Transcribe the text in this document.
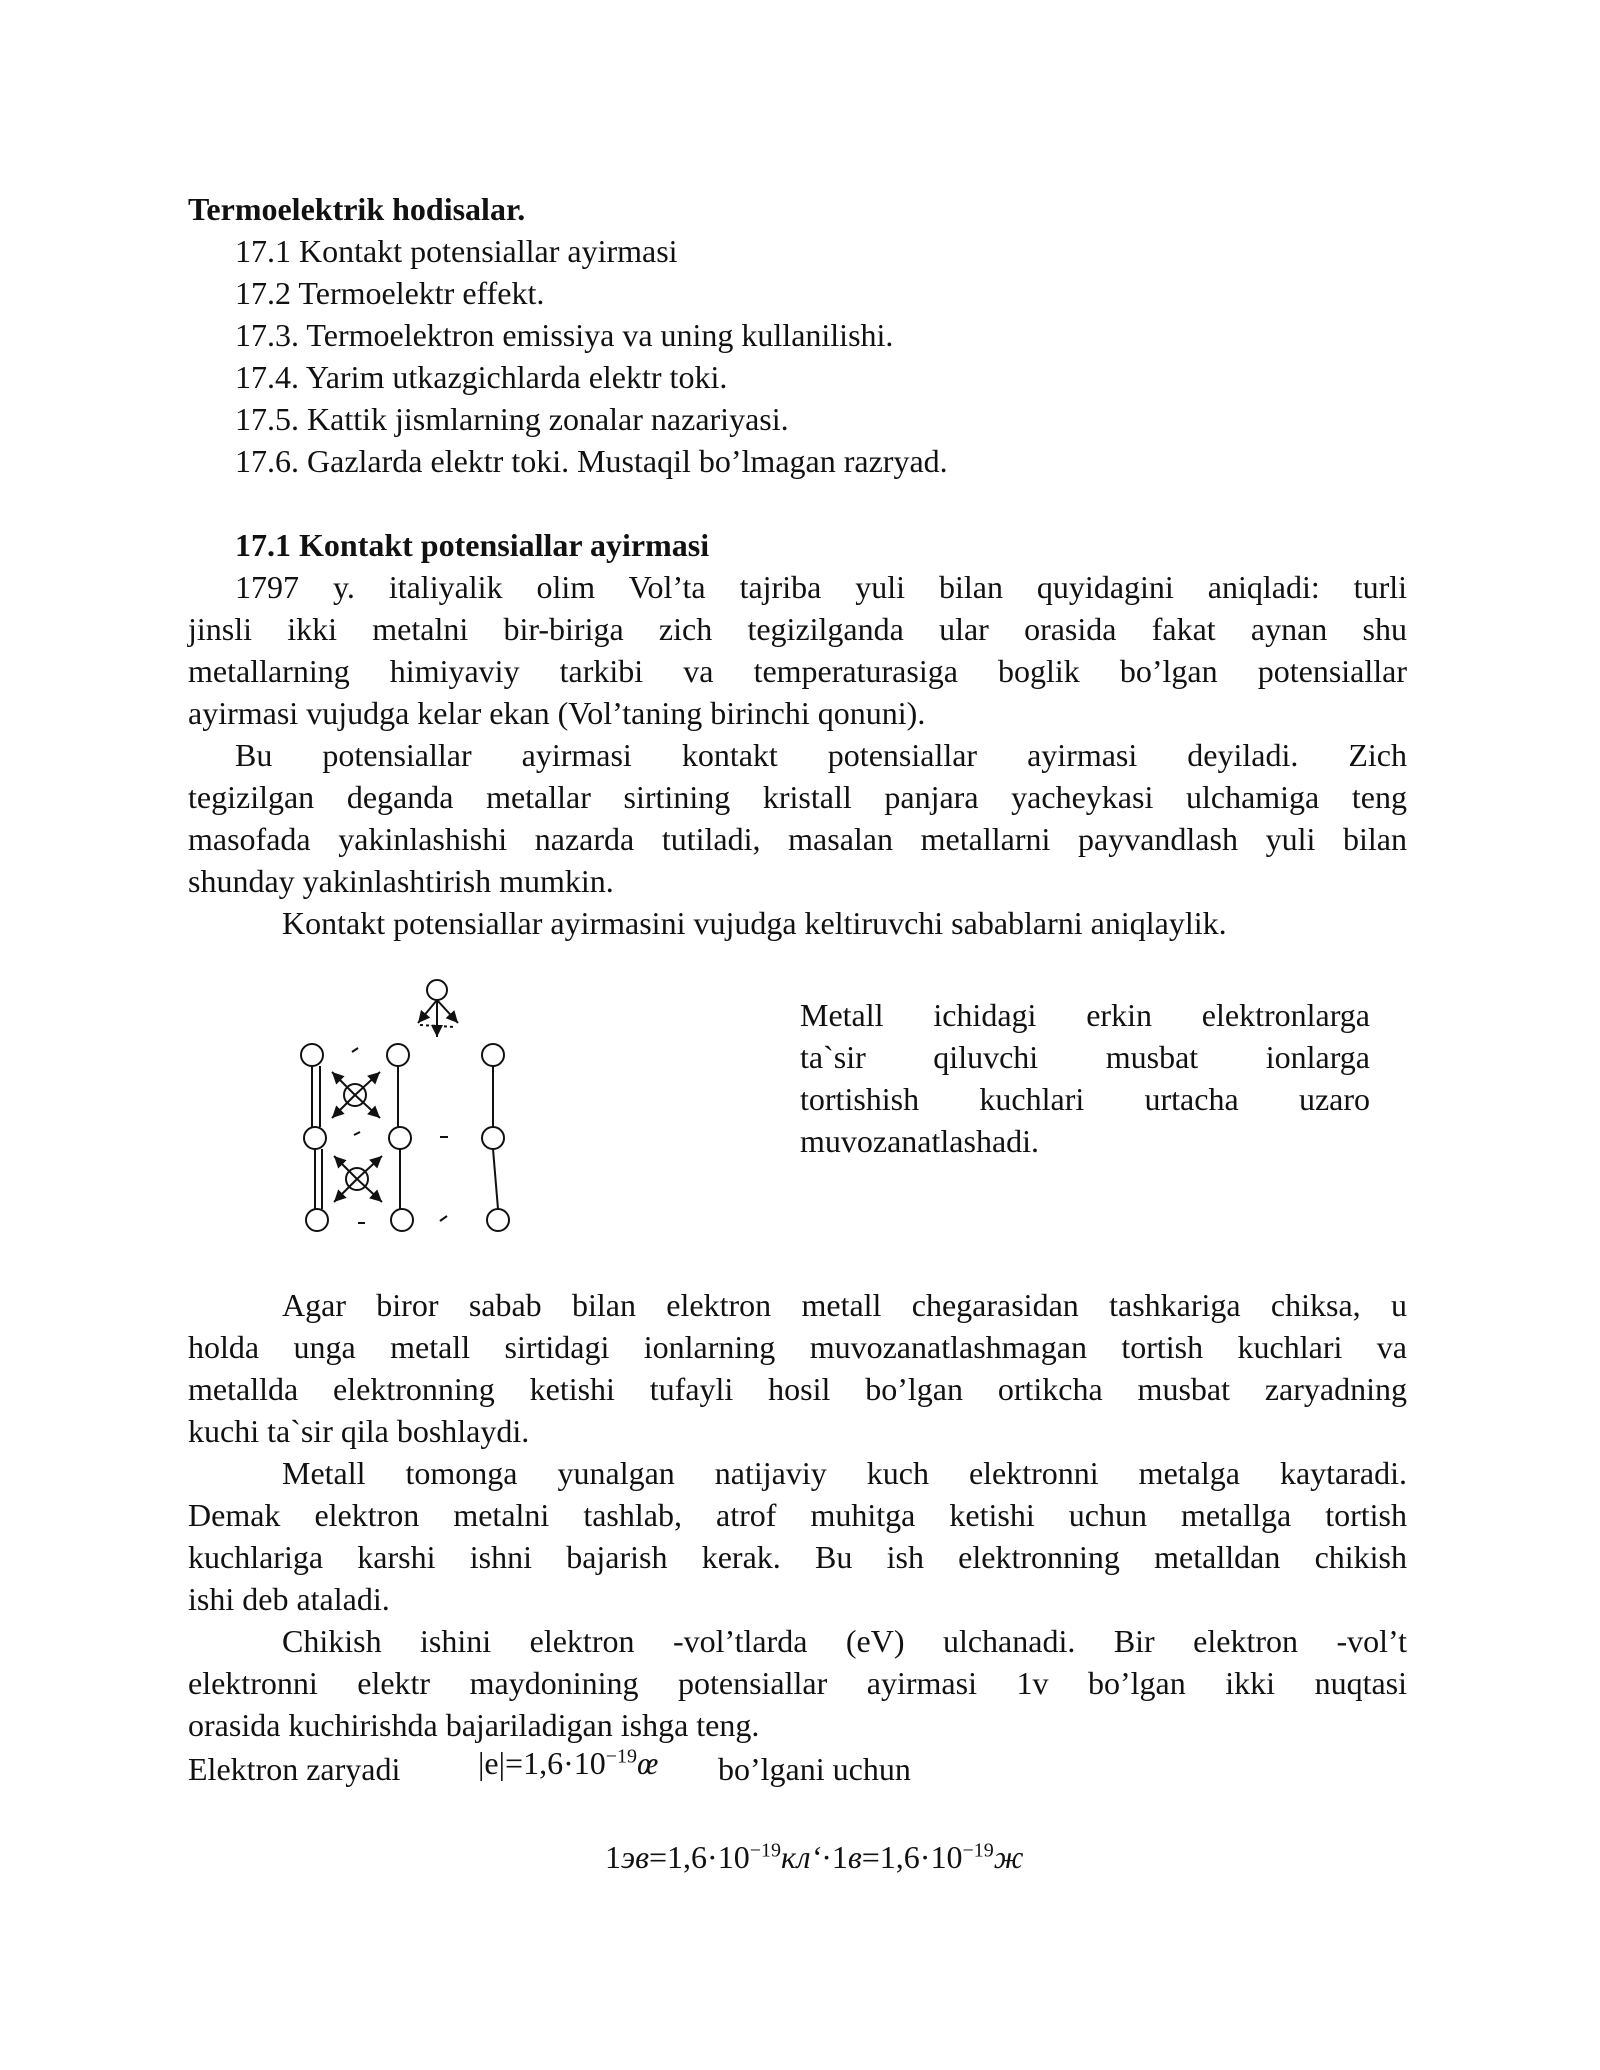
Termoelektrik hodisalar.
17.1 Kontakt potensiallar ayirmasi
17.2 Termoelektr effekt.
17.3. Termoelektron emissiya va uning kullanilishi.
17.4. Yarim utkazgichlarda elektr toki.
17.5. Kattik jismlarning zonalar nazariyasi.
17.6. Gazlarda elektr toki. Mustaqil bo’lmagan razryad.
17.1 Kontakt potensiallar ayirmasi
1797 y. italiyalik olim Vol’ta tajriba yuli bilan quyidagini aniqladi: turli
jinsli ikki metalni bir-biriga zich tegizilganda ular orasida fakat aynan shu
metallarning himiyaviy tarkibi va temperaturasiga boglik bo’lgan potensiallar
ayirmasi vujudga kelar ekan (Vol’taning birinchi qonuni).
Bu potensiallar ayirmasi kontakt potensiallar ayirmasi deyiladi. Zich
tegizilgan deganda metallar sirtining kristall panjara yacheykasi ulchamiga teng
masofada yakinlashishi nazarda tutiladi, masalan metallarni payvandlash yuli bilan
shunday yakinlashtirish mumkin.
Kontakt potensiallar ayirmasini vujudga keltiruvchi sabablarni aniqlaylik.
Metall ichidagi erkin elektronlarga
ta`sir qiluvchi musbat ionlarga
tortishish kuchlari urtacha uzaro
muvozanatlashadi.
Agar biror sabab bilan elektron metall chegarasidan tashkariga chiksa, u
holda unga metall sirtidagi ionlarning muvozanatlashmagan tortish kuchlari va
metallda elektronning ketishi tufayli hosil bo’lgan ortikcha musbat zaryadning
kuchi ta`sir qila boshlaydi.
Metall tomonga yunalgan natijaviy kuch elektronni metalga kaytaradi.
Demak elektron metalni tashlab, atrof muhitga ketishi uchun metallga tortish
kuchlariga karshi ishni bajarish kerak. Bu ish elektronning metalldan chikish
ishi deb ataladi.
Chikish ishini elektron -vol’tlarda (eV) ulchanadi. Bir elektron -vol’t
elektronni elektr maydonining potensiallar ayirmasi 1v bo’lgan ikki nuqtasi
orasida kuchirishda bajariladigan ishga teng.
Elektron zaryadi $|e|=1,6\cdot 10^{-19}œ$ bo’lgani uchun
$1эв=1,6\cdot 10^{-19}кл‘\cdot 1в=1,6\cdot 10^{-19}ж$
